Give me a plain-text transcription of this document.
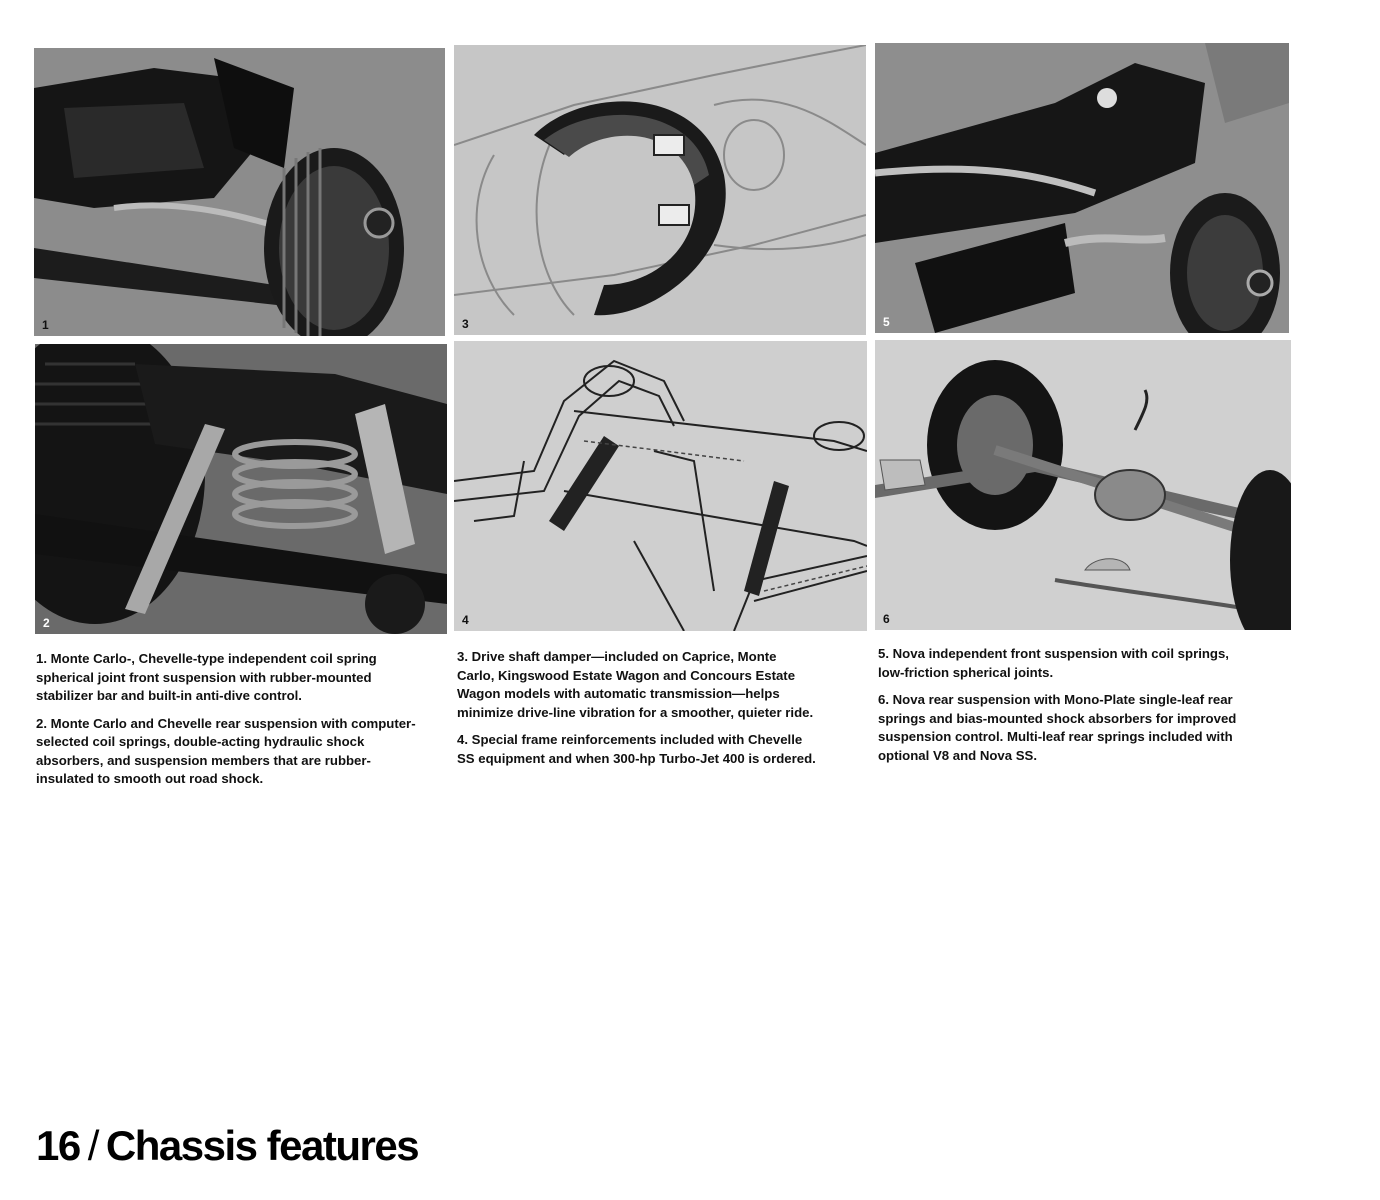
1	3	5
2	4	6

1. Monte Carlo-, Chevelle-type independent coil spring spherical joint front suspension with rubber-mounted stabilizer bar and built-in anti-dive control.

2. Monte Carlo and Chevelle rear suspension with computer-selected coil springs, double-acting hydraulic shock absorbers, and suspension members that are rubber-insulated to smooth out road shock.

3. Drive shaft damper—included on Caprice, Monte Carlo, Kingswood Estate Wagon and Concours Estate Wagon models with automatic transmission—helps minimize drive-line vibration for a smoother, quieter ride.

4. Special frame reinforcements included with Chevelle SS equipment and when 300-hp Turbo-Jet 400 is ordered.

5. Nova independent front suspension with coil springs, low-friction spherical joints.

6. Nova rear suspension with Mono-Plate single-leaf rear springs and bias-mounted shock absorbers for improved suspension control. Multi-leaf rear springs included with optional V8 and Nova SS.

16 / Chassis features
